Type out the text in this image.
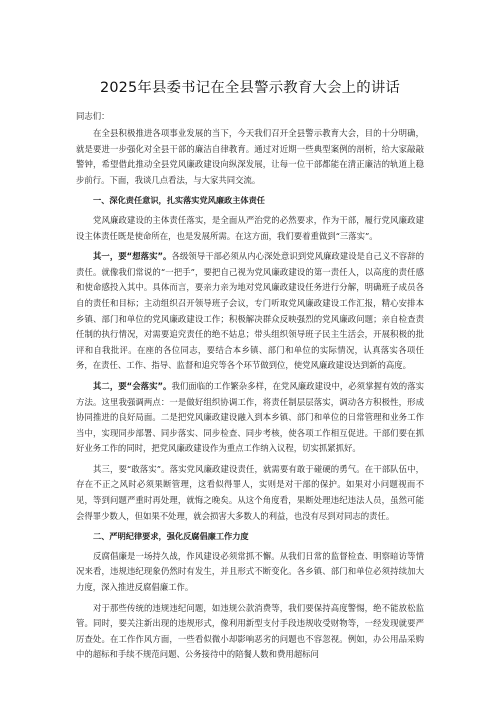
2025年县委书记在全县警示教育大会上的讲话
同志们：

在全县积极推进各项事业发展的当下，今天我们召开全县警示教育大会，目的十分明确，就是要进一步强化对全县干部的廉洁自律教育。通过对近期一些典型案例的剖析，给大家敲敲警钟，希望借此推动全县党风廉政建设向纵深发展，让每一位干部都能在清正廉洁的轨道上稳步前行。下面，我谈几点看法，与大家共同交流。

一、深化责任意识，扎实落实党风廉政主体责任

党风廉政建设的主体责任落实，是全面从严治党的必然要求，作为干部，履行党风廉政建设主体责任既是使命所在，也是发展所需。在这方面，我们要着重做到“三落实”。

其一，要“想落实”。各级领导干部必须从内心深处意识到党风廉政建设是自己义不容辞的责任。就像我们常说的“一把手”，要把自己视为党风廉政建设的第一责任人，以高度的责任感和使命感投入其中。具体而言，要亲力亲为地对党风廉政建设任务进行分解，明确班子成员各自的责任和目标；主动组织召开领导班子会议，专门听取党风廉政建设工作汇报，精心安排本乡镇、部门和单位的党风廉政建设工作；积极解决群众反映强烈的党风廉政问题；亲自检查责任制的执行情况，对需要追究责任的绝不姑息；带头组织领导班子民主生活会，开展积极的批评和自我批评。在座的各位同志，要结合本乡镇、部门和单位的实际情况，认真落实各项任务，在责任、工作、指导、监督和追究等各个环节做到位，使党风廉政建设达到新的高度。

其二，要“会落实”。我们面临的工作繁杂多样，在党风廉政建设中，必须掌握有效的落实方法。这里我强调两点：一是做好组织协调工作，将责任制层层落实，调动各方积极性，形成协同推进的良好局面。二是把党风廉政建设融入到本乡镇、部门和单位的日常管理和业务工作当中，实现同步部署、同步落实、同步检查、同步考核，使各项工作相互促进。干部们要在抓好业务工作的同时，把党风廉政建设作为重点工作纳入议程，切实抓紧抓好。

其三，要“敢落实”。落实党风廉政建设责任，就需要有敢于碰硬的勇气。在干部队伍中，存在不正之风时必须果断管理，这看似得罪人，实则是对干部的保护。如果对小问题视而不见，等到问题严重时再处理，就悔之晚矣。从这个角度看，果断处理违纪违法人员，虽然可能会得罪少数人，但如果不处理，就会损害大多数人的利益，也没有尽到对同志的责任。

二、严明纪律要求，强化反腐倡廉工作力度

反腐倡廉是一场持久战，作风建设必须常抓不懈。从我们日常的监督检查、明察暗访等情况来看，违规违纪现象仍然时有发生，并且形式不断变化。各乡镇、部门和单位必须持续加大力度，深入推进反腐倡廉工作。

对于那些传统的违规违纪问题，如违规公款消费等，我们要保持高度警惕，绝不能放松监管。同时，要关注新出现的违规形式，像利用新型支付手段违规收受财物等，一经发现就要严厉查处。在工作作风方面，一些看似微小却影响恶劣的问题也不容忽视。例如，办公用品采购中的超标和手续不规范问题、公务接待中的陪餐人数和费用超标问
